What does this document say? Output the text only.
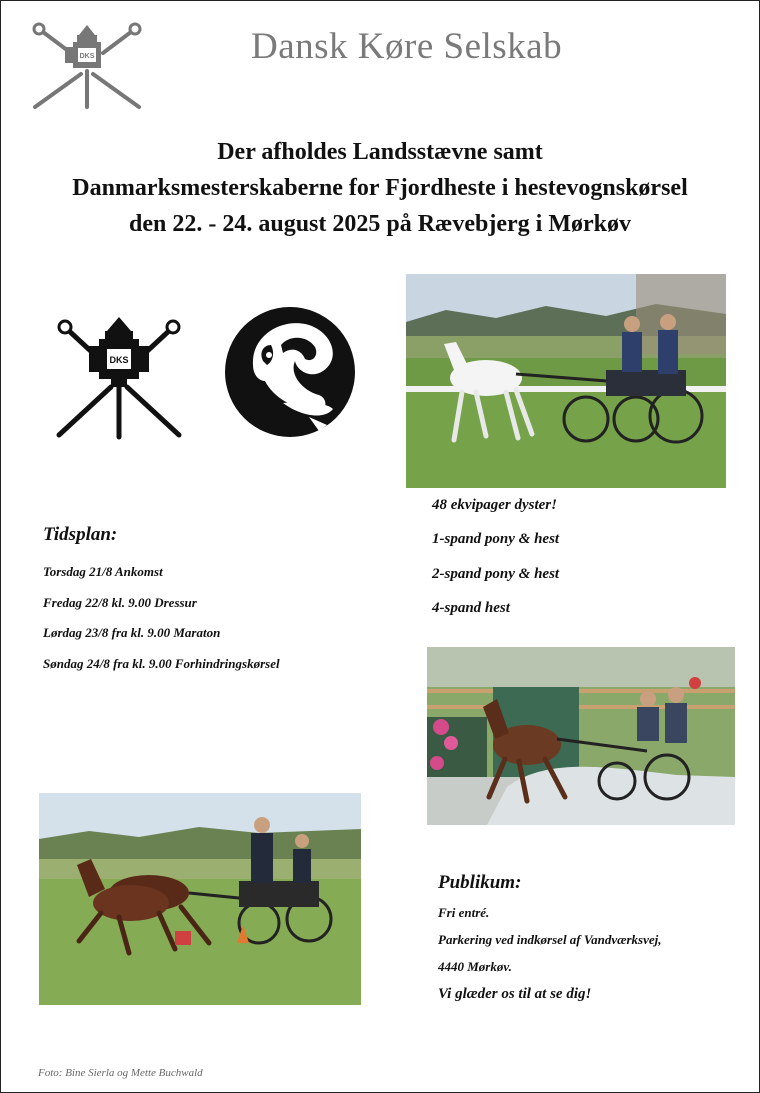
DKS	Dansk Køre Selskab
Der afholdes Landsstævne samt
Danmarksmesterskaberne for Fjordheste i hestevognskørsel
den 22. - 24. august 2025 på Rævebjerg i Mørkøv
DKS
48 ekvipager dyster!
1-spand pony & hest
2-spand pony & hest
4-spand hest
Tidsplan:
Torsdag 21/8 Ankomst
Fredag 22/8 kl. 9.00 Dressur
Lørdag 23/8 fra kl. 9.00 Maraton
Søndag 24/8 fra kl. 9.00 Forhindringskørsel
Publikum:
Fri entré.
Parkering ved indkørsel af Vandværksvej,
4440 Mørkøv.
Vi glæder os til at se dig!
Foto: Bine Sierla og Mette Buchwald
